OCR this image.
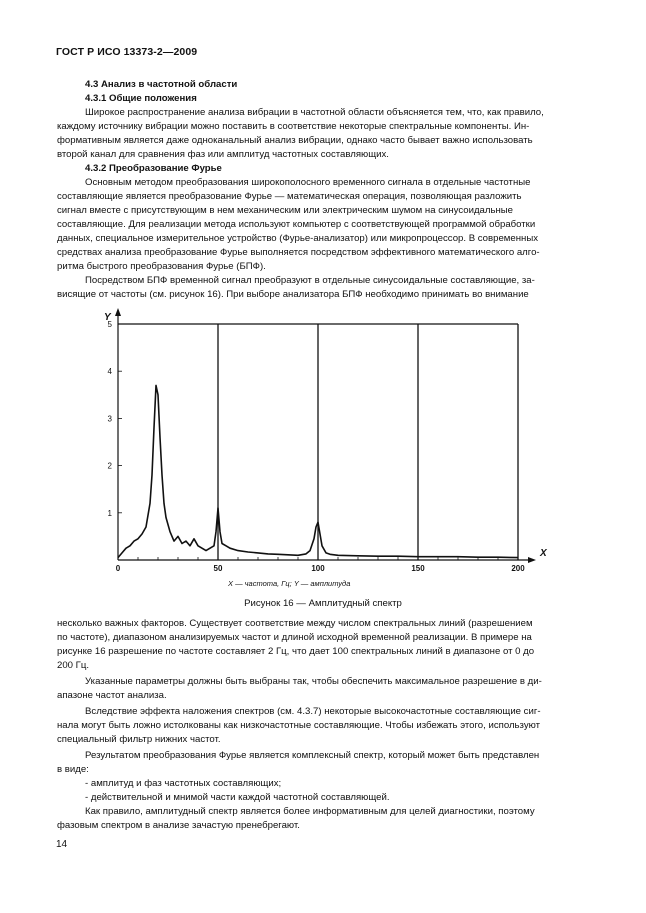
ГОСТ Р ИСО 13373-2—2009
4.3 Анализ в частотной области
4.3.1 Общие положения
Широкое распространение анализа вибрации в частотной области объясняется тем, что, как правило,
каждому источнику вибрации можно поставить в соответствие некоторые спектральные компоненты. Ин-
формативным является даже одноканальный анализ вибрации, однако часто бывает важно использовать
второй канал для сравнения фаз или амплитуд частотных составляющих.
4.3.2 Преобразование Фурье
Основным методом преобразования широкополосного временного сигнала в отдельные частотные
составляющие является преобразование Фурье — математическая операция, позволяющая разложить
сигнал вместе с присутствующим в нем механическим или электрическим шумом на синусоидальные
составляющие. Для реализации метода используют компьютер с соответствующей программой обработки
данных, специальное измерительное устройство (Фурье-анализатор) или микропроцессор. В современных
средствах анализа преобразование Фурье выполняется посредством эффективного математического алго-
ритма быстрого преобразования Фурье (БПФ).
Посредством БПФ временной сигнал преобразуют в отдельные синусоидальные составляющие, за-
висящие от частоты (см. рисунок 16). При выборе анализатора БПФ необходимо принимать во внимание
1
2
3
4
5
0	50	100	150	200
X
Y
X — частота, Гц; Y — амплитуда
Рисунок 16 — Амплитудный спектр
несколько важных факторов. Существует соответствие между числом спектральных линий (разрешением
по частоте), диапазоном анализируемых частот и длиной исходной временной реализации. В примере на
рисунке 16 разрешение по частоте составляет 2 Гц, что дает 100 спектральных линий в диапазоне от 0 до
200 Гц.
Указанные параметры должны быть выбраны так, чтобы обеспечить максимальное разрешение в ди-
апазоне частот анализа.
Вследствие эффекта наложения спектров (см. 4.3.7) некоторые высокочастотные составляющие сиг-
нала могут быть ложно истолкованы как низкочастотные составляющие. Чтобы избежать этого, используют
специальный фильтр нижних частот.
Результатом преобразования Фурье является комплексный спектр, который может быть представлен
в виде:
- амплитуд и фаз частотных составляющих;
- действительной и мнимой части каждой частотной составляющей.
Как правило, амплитудный спектр является более информативным для целей диагностики, поэтому
фазовым спектром в анализе зачастую пренебрегают.
14
